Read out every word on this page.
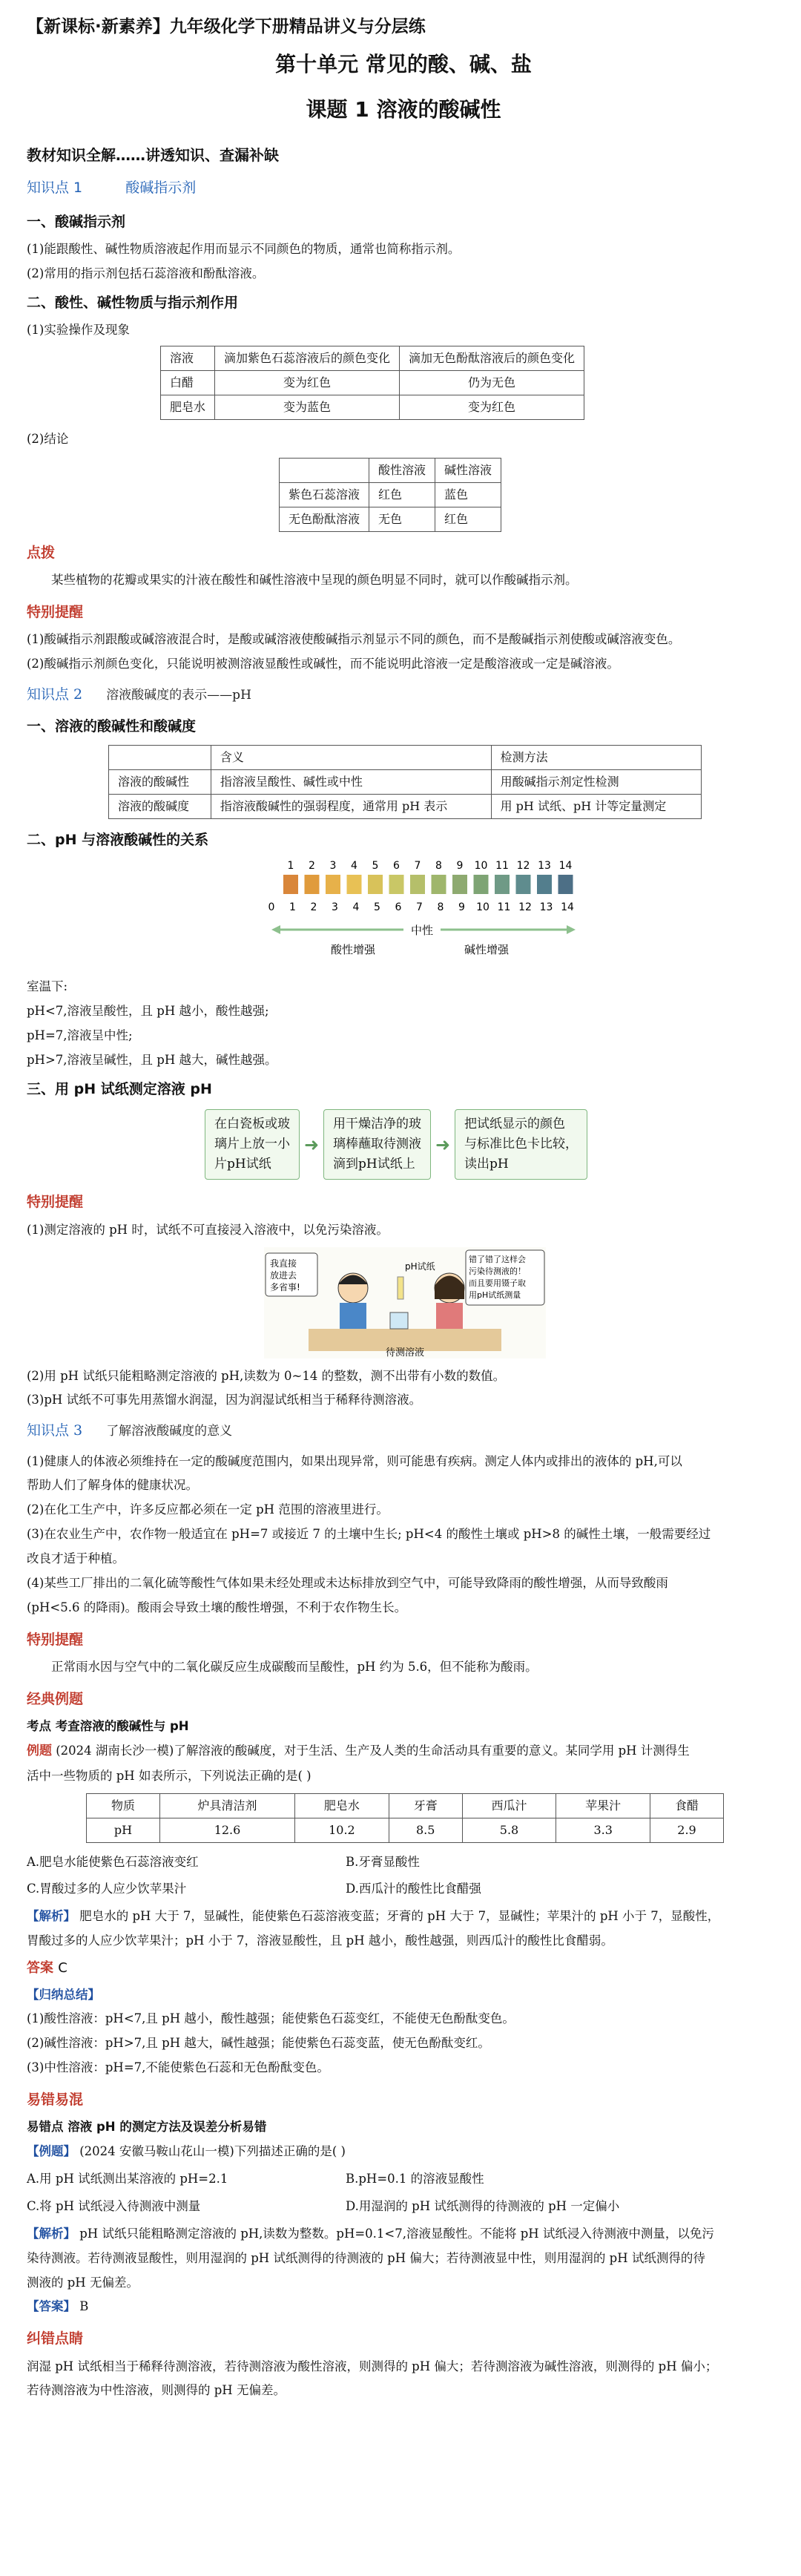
【新课标·新素养】九年级化学下册精品讲义与分层练
第十单元 常见的酸、碱、盐
课题 1 溶液的酸碱性
教材知识全解……讲透知识、查漏补缺
知识点 1	酸碱指示剂
一、酸碱指示剂
(1)能跟酸性、碱性物质溶液起作用而显示不同颜色的物质，通常也简称指示剂。
(2)常用的指示剂包括石蕊溶液和酚酞溶液。
二、酸性、碱性物质与指示剂作用
(1)实验操作及现象
溶液	滴加紫色石蕊溶液后的颜色变化	滴加无色酚酞溶液后的颜色变化
白醋	变为红色	仍为无色
肥皂水	变为蓝色	变为红色
(2)结论
	酸性溶液	碱性溶液
紫色石蕊溶液	红色	蓝色
无色酚酞溶液	无色	红色
点拨
某些植物的花瓣或果实的汁液在酸性和碱性溶液中呈现的颜色明显不同时，就可以作酸碱指示剂。
特别提醒
(1)酸碱指示剂跟酸或碱溶液混合时，是酸或碱溶液使酸碱指示剂显示不同的颜色，而不是酸碱指示剂使酸或碱溶液变色。
(2)酸碱指示剂颜色变化，只能说明被测溶液显酸性或碱性，而不能说明此溶液一定是酸溶液或一定是碱溶液。
知识点 2 溶液酸碱度的表示——pH
一、溶液的酸碱性和酸碱度
	含义	检测方法
溶液的酸碱性	指溶液呈酸性、碱性或中性	用酸碱指示剂定性检测
溶液的酸碱度	指溶液酸碱性的强弱程度，通常用 pH 表示	用 pH 试纸、pH 计等定量测定
二、pH 与溶液酸碱性的关系
1 2 3 4 5 6 7 8 9 10 11 12 13 14
0 1 2 3 4 5 6 7 8 9 10 11 12 13 14
中性
酸性增强	碱性增强
室温下:
pH<7,溶液呈酸性，且 pH 越小，酸性越强;
pH=7,溶液呈中性;
pH>7,溶液呈碱性，且 pH 越大，碱性越强。
三、用 pH 试纸测定溶液 pH
在白瓷板或玻
璃片上放一小
片pH试纸
➜
用干燥洁净的玻
璃棒蘸取待测液
滴到pH试纸上
➜
把试纸显示的颜色
与标准比色卡比较，
读出pH
特别提醒
(1)测定溶液的 pH 时，试纸不可直接浸入溶液中，以免污染溶液。
pH试纸
我直接
放进去
多省事!
错了错了这样会
污染待测液的！
而且要用镊子取
用pH试纸测量
待测溶液
(2)用 pH 试纸只能粗略测定溶液的 pH,读数为 0~14 的整数，测不出带有小数的数值。
(3)pH 试纸不可事先用蒸馏水润湿，因为润湿试纸相当于稀释待测溶液。
知识点 3 了解溶液酸碱度的意义
(1)健康人的体液必须维持在一定的酸碱度范围内，如果出现异常，则可能患有疾病。测定人体内或排出的液体的 pH,可以
帮助人们了解身体的健康状况。
(2)在化工生产中，许多反应都必须在一定 pH 范围的溶液里进行。
(3)在农业生产中，农作物一般适宜在 pH=7 或接近 7 的土壤中生长; pH<4 的酸性土壤或 pH>8 的碱性土壤，一般需要经过
改良才适于种植。
(4)某些工厂排出的二氧化硫等酸性气体如果未经处理或未达标排放到空气中，可能导致降雨的酸性增强，从而导致酸雨
(pH<5.6 的降雨)。酸雨会导致土壤的酸性增强，不利于农作物生长。
特别提醒
正常雨水因与空气中的二氧化碳反应生成碳酸而呈酸性，pH 约为 5.6，但不能称为酸雨。
经典例题
考点 考查溶液的酸碱性与 pH
例题 (2024 湖南长沙一模)了解溶液的酸碱度，对于生活、生产及人类的生命活动具有重要的意义。某同学用 pH 计测得生
活中一些物质的 pH 如表所示，下列说法正确的是( )
物质	炉具清洁剂	肥皂水	牙膏	西瓜汁	苹果汁	食醋
pH	12.6	10.2	8.5	5.8	3.3	2.9
A.肥皂水能使紫色石蕊溶液变红	B.牙膏显酸性
C.胃酸过多的人应少饮苹果汁	D.西瓜汁的酸性比食醋强
【解析】 肥皂水的 pH 大于 7，显碱性，能使紫色石蕊溶液变蓝；牙膏的 pH 大于 7，显碱性；苹果汁的 pH 小于 7，显酸性，
胃酸过多的人应少饮苹果汁；pH 小于 7，溶液显酸性，且 pH 越小，酸性越强，则西瓜汁的酸性比食醋弱。
答案 C
【归纳总结】
(1)酸性溶液：pH<7,且 pH 越小，酸性越强；能使紫色石蕊变红，不能使无色酚酞变色。
(2)碱性溶液：pH>7,且 pH 越大，碱性越强；能使紫色石蕊变蓝，使无色酚酞变红。
(3)中性溶液：pH=7,不能使紫色石蕊和无色酚酞变色。
易错易混
易错点 溶液 pH 的测定方法及误差分析易错
【例题】 (2024 安徽马鞍山花山一模)下列描述正确的是( )
A.用 pH 试纸测出某溶液的 pH=2.1	B.pH=0.1 的溶液显酸性
C.将 pH 试纸浸入待测液中测量	D.用湿润的 pH 试纸测得的待测液的 pH 一定偏小
【解析】 pH 试纸只能粗略测定溶液的 pH,读数为整数。pH=0.1<7,溶液显酸性。不能将 pH 试纸浸入待测液中测量，以免污
染待测液。若待测液显酸性，则用湿润的 pH 试纸测得的待测液的 pH 偏大；若待测液显中性，则用湿润的 pH 试纸测得的待
测液的 pH 无偏差。
【答案】 B
纠错点睛
润湿 pH 试纸相当于稀释待测溶液，若待测溶液为酸性溶液，则测得的 pH 偏大；若待测溶液为碱性溶液，则测得的 pH 偏小；
若待测溶液为中性溶液，则测得的 pH 无偏差。
